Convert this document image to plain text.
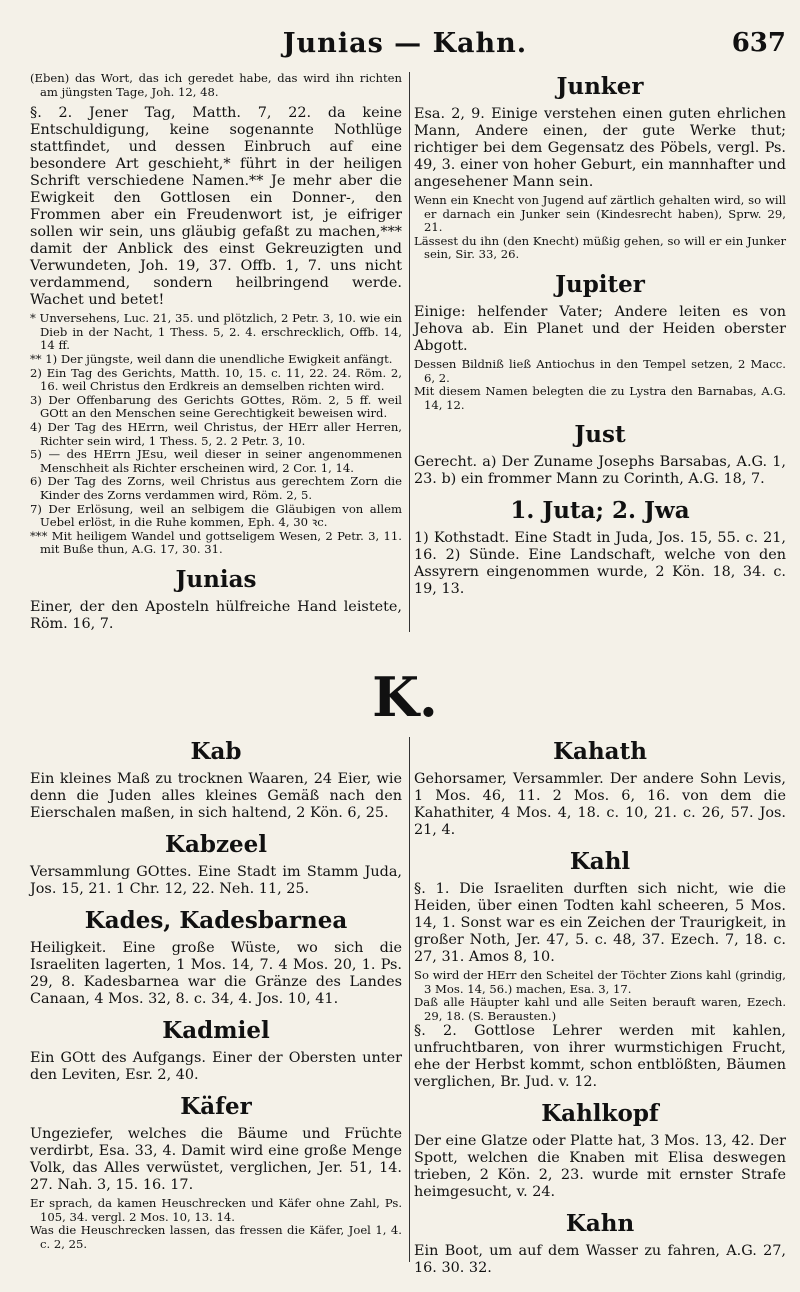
Junias — Kahn.	637

(Eben) das Wort, das ich geredet habe, das wird ihn richten am jüngsten Tage, Joh. 12, 48.

§. 2. Jener Tag, Matth. 7, 22. da keine Entschuldigung, keine sogenannte Nothlüge stattfindet, und dessen Einbruch auf eine besondere Art geschieht,* führt in der heiligen Schrift verschiedene Namen.** Je mehr aber die Ewigkeit den Gottlosen ein Donner-, den Frommen aber ein Freudenwort ist, je eifriger sollen wir sein, uns gläubig gefaßt zu machen,*** damit der Anblick des einst Gekreuzigten und Verwundeten, Joh. 19, 37. Offb. 1, 7. uns nicht verdammend, sondern heilbringend werde. Wachet und betet!

* Unversehens, Luc. 21, 35. und plötzlich, 2 Petr. 3, 10. wie ein Dieb in der Nacht, 1 Thess. 5, 2. 4. erschrecklich, Offb. 14, 14 ff.

** 1) Der jüngste, weil dann die unendliche Ewigkeit anfängt.

2) Ein Tag des Gerichts, Matth. 10, 15. c. 11, 22. 24. Röm. 2, 16. weil Christus den Erdkreis an demselben richten wird.

3) Der Offenbarung des Gerichts GOttes, Röm. 2, 5 ff. weil GOtt an den Menschen seine Gerechtigkeit beweisen wird.

4) Der Tag des HErrn, weil Christus, der HErr aller Herren, Richter sein wird, 1 Thess. 5, 2. 2 Petr. 3, 10.

5) — des HErrn JEsu, weil dieser in seiner angenommenen Menschheit als Richter erscheinen wird, 2 Cor. 1, 14.

6) Der Tag des Zorns, weil Christus aus gerechtem Zorn die Kinder des Zorns verdammen wird, Röm. 2, 5.

7) Der Erlösung, weil an selbigem die Gläubigen von allem Uebel erlöst, in die Ruhe kommen, Eph. 4, 30 ꝛc.

*** Mit heiligem Wandel und gottseligem Wesen, 2 Petr. 3, 11. mit Buße thun, A.G. 17, 30. 31.

Junias

Einer, der den Aposteln hülfreiche Hand leistete, Röm. 16, 7.

Junker

Esa. 2, 9. Einige verstehen einen guten ehrlichen Mann, Andere einen, der gute Werke thut; richtiger bei dem Gegensatz des Pöbels, vergl. Ps. 49, 3. einer von hoher Geburt, ein mannhafter und angesehener Mann sein.

Wenn ein Knecht von Jugend auf zärtlich gehalten wird, so will er darnach ein Junker sein (Kindesrecht haben), Sprw. 29, 21.

Lässest du ihn (den Knecht) müßig gehen, so will er ein Junker sein, Sir. 33, 26.

Jupiter

Einige: helfender Vater; Andere leiten es von Jehova ab. Ein Planet und der Heiden oberster Abgott.

Dessen Bildniß ließ Antiochus in den Tempel setzen, 2 Macc. 6, 2.

Mit diesem Namen belegten die zu Lystra den Barnabas, A.G. 14, 12.

Just

Gerecht. a) Der Zuname Josephs Barsabas, A.G. 1, 23. b) ein frommer Mann zu Corinth, A.G. 18, 7.

1. Juta; 2. Jwa

1) Kothstadt. Eine Stadt in Juda, Jos. 15, 55. c. 21, 16. 2) Sünde. Eine Landschaft, welche von den Assyrern eingenommen wurde, 2 Kön. 18, 34. c. 19, 13.

K.
Kab

Ein kleines Maß zu trocknen Waaren, 24 Eier, wie denn die Juden alles kleines Gemäß nach den Eierschalen maßen, in sich haltend, 2 Kön. 6, 25.

Kabzeel

Versammlung GOttes. Eine Stadt im Stamm Juda, Jos. 15, 21. 1 Chr. 12, 22. Neh. 11, 25.

Kades, Kadesbarnea

Heiligkeit. Eine große Wüste, wo sich die Israeliten lagerten, 1 Mos. 14, 7. 4 Mos. 20, 1. Ps. 29, 8. Kadesbarnea war die Gränze des Landes Canaan, 4 Mos. 32, 8. c. 34, 4. Jos. 10, 41.

Kadmiel

Ein GOtt des Aufgangs. Einer der Obersten unter den Leviten, Esr. 2, 40.

Käfer

Ungeziefer, welches die Bäume und Früchte verdirbt, Esa. 33, 4. Damit wird eine große Menge Volk, das Alles verwüstet, verglichen, Jer. 51, 14. 27. Nah. 3, 15. 16. 17.

Er sprach, da kamen Heuschrecken und Käfer ohne Zahl, Ps. 105, 34. vergl. 2 Mos. 10, 13. 14.

Was die Heuschrecken lassen, das fressen die Käfer, Joel 1, 4. c. 2, 25.

Kahath

Gehorsamer, Versammler. Der andere Sohn Levis, 1 Mos. 46, 11. 2 Mos. 6, 16. von dem die Kahathiter, 4 Mos. 4, 18. c. 10, 21. c. 26, 57. Jos. 21, 4.

Kahl

§. 1. Die Israeliten durften sich nicht, wie die Heiden, über einen Todten kahl scheeren, 5 Mos. 14, 1. Sonst war es ein Zeichen der Traurigkeit, in großer Noth, Jer. 47, 5. c. 48, 37. Ezech. 7, 18. c. 27, 31. Amos 8, 10.

So wird der HErr den Scheitel der Töchter Zions kahl (grindig, 3 Mos. 14, 56.) machen, Esa. 3, 17.

Daß alle Häupter kahl und alle Seiten berauft waren, Ezech. 29, 18. (S. Berausten.)

§. 2. Gottlose Lehrer werden mit kahlen, unfruchtbaren, von ihrer wurmstichigen Frucht, ehe der Herbst kommt, schon entblößten, Bäumen verglichen, Br. Jud. v. 12.

Kahlkopf

Der eine Glatze oder Platte hat, 3 Mos. 13, 42. Der Spott, welchen die Knaben mit Elisa deswegen trieben, 2 Kön. 2, 23. wurde mit ernster Strafe heimgesucht, v. 24.

Kahn

Ein Boot, um auf dem Wasser zu fahren, A.G. 27, 16. 30. 32.
